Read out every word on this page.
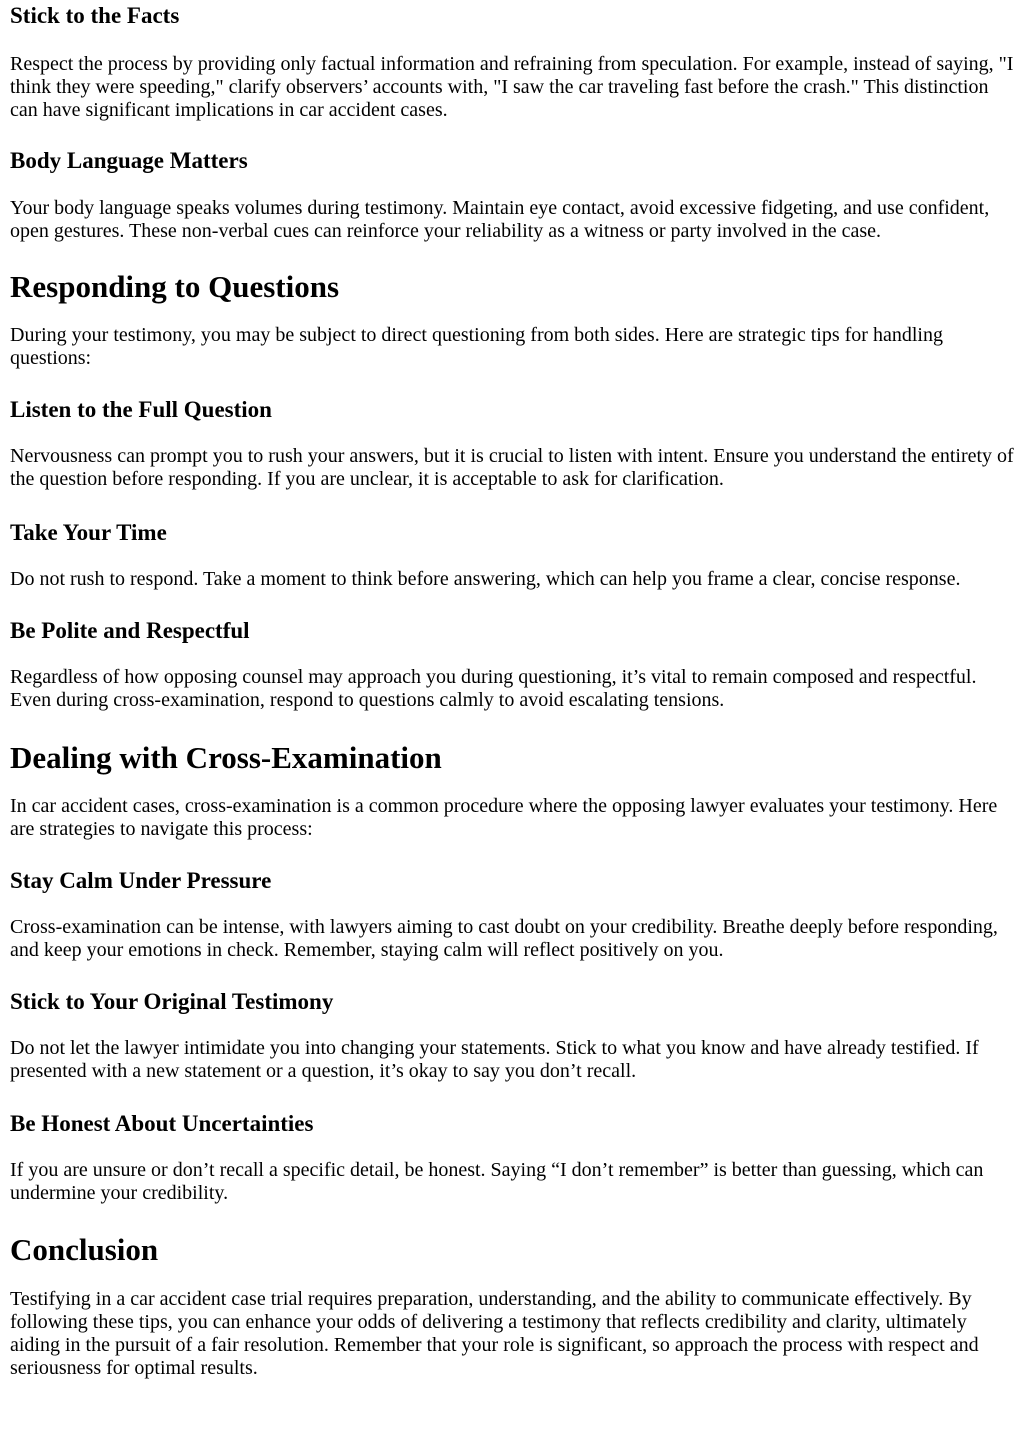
Stick to the Facts

Respect the process by providing only factual information and refraining from speculation. For example, instead of saying, "I think they were speeding," clarify observers’ accounts with, "I saw the car traveling fast before the crash." This distinction can have significant implications in car accident cases.

Body Language Matters

Your body language speaks volumes during testimony. Maintain eye contact, avoid excessive fidgeting, and use confident, open gestures. These non-verbal cues can reinforce your reliability as a witness or party involved in the case.

Responding to Questions

During your testimony, you may be subject to direct questioning from both sides. Here are strategic tips for handling questions:

Listen to the Full Question

Nervousness can prompt you to rush your answers, but it is crucial to listen with intent. Ensure you understand the entirety of the question before responding. If you are unclear, it is acceptable to ask for clarification.

Take Your Time

Do not rush to respond. Take a moment to think before answering, which can help you frame a clear, concise response.

Be Polite and Respectful

Regardless of how opposing counsel may approach you during questioning, it’s vital to remain composed and respectful. Even during cross-examination, respond to questions calmly to avoid escalating tensions.

Dealing with Cross-Examination

In car accident cases, cross-examination is a common procedure where the opposing lawyer evaluates your testimony. Here are strategies to navigate this process:

Stay Calm Under Pressure

Cross-examination can be intense, with lawyers aiming to cast doubt on your credibility. Breathe deeply before responding, and keep your emotions in check. Remember, staying calm will reflect positively on you.

Stick to Your Original Testimony

Do not let the lawyer intimidate you into changing your statements. Stick to what you know and have already testified. If presented with a new statement or a question, it’s okay to say you don’t recall.

Be Honest About Uncertainties

If you are unsure or don’t recall a specific detail, be honest. Saying “I don’t remember” is better than guessing, which can undermine your credibility.

Conclusion

Testifying in a car accident case trial requires preparation, understanding, and the ability to communicate effectively. By following these tips, you can enhance your odds of delivering a testimony that reflects credibility and clarity, ultimately aiding in the pursuit of a fair resolution. Remember that your role is significant, so approach the process with respect and seriousness for optimal results.
